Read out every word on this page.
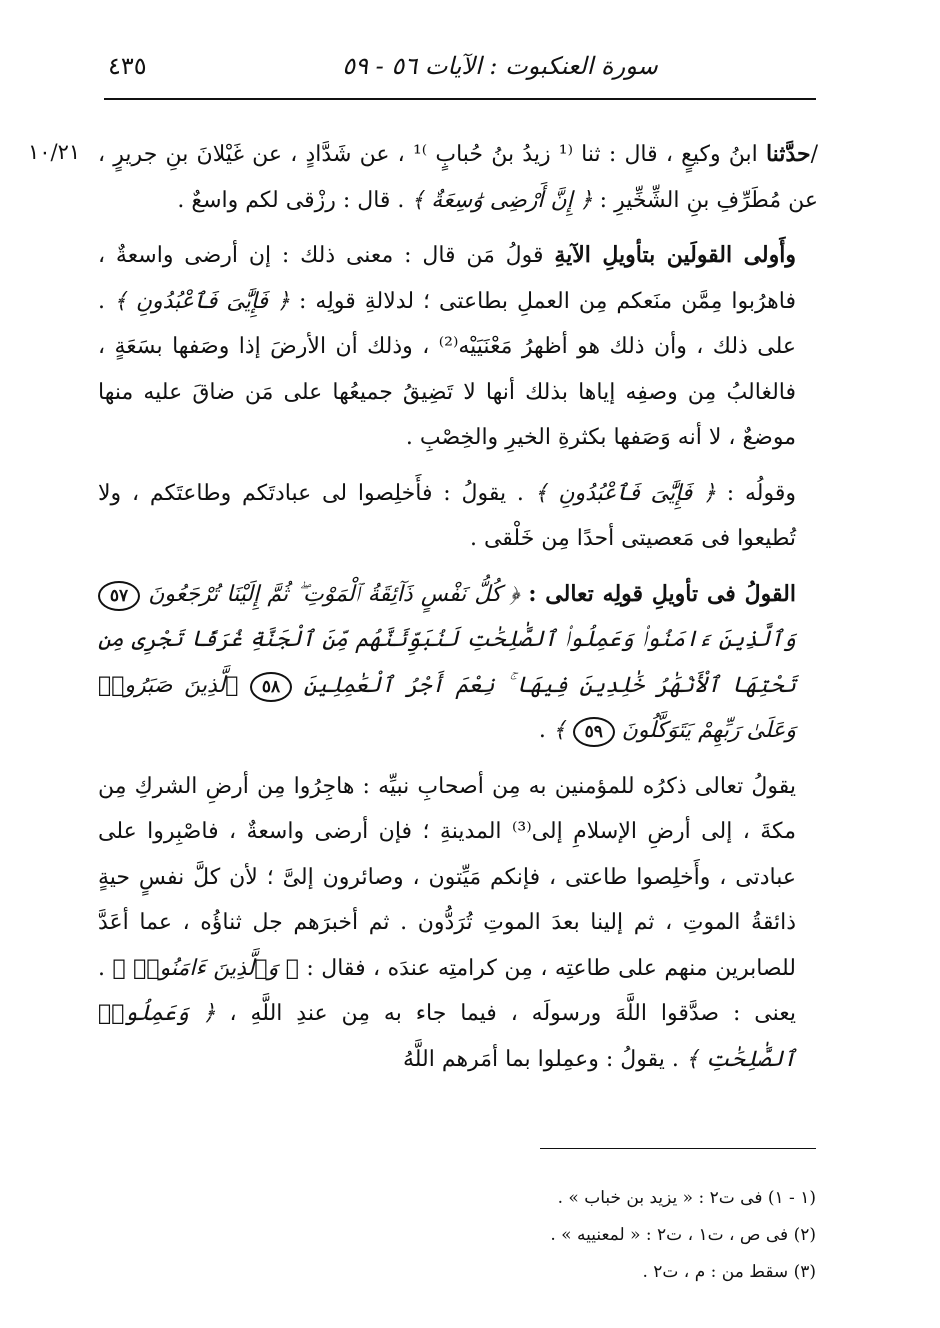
٤٣٥	سورة العنكبوت : الآيات ٥٦ - ٥٩
١٠/٢١	/حدَّثنا ابنُ وكيعٍ ، قال : ثنا ⁽¹ زيدُ بنُ حُبابٍ ⁾¹ ، عن شَدَّادٍ ، عن غَيْلانَ بنِ جريرٍ ، عن مُطَرِّفِ بنِ الشِّخِّيرِ : ﴿ إِنَّ أَرْضِى وَٰسِعَةٌ ﴾ . قال : رزْقى لكم واسعٌ .

وأَولى القولَين بتأويلِ الآيةِ قولُ مَن قال : معنى ذلك : إن أرضى واسعةٌ ، فاهرُبوا مِمَّن منَعكم مِن العملِ بطاعتى ؛ لدلالةِ قولِه : ﴿ فَإِيَّٰىَ فَٱعْبُدُونِ ﴾ . على ذلك ، وأن ذلك هو أظهرُ مَعْنَيَيْه⁽²⁾ ، وذلك أن الأرضَ إذا وصَفها بسَعَةٍ ، فالغالبُ مِن وصفِه إياها بذلك أنها لا تَضِيقُ جميعُها على مَن ضاقَ عليه منها موضعٌ ، لا أنه وَصَفها بكثرةِ الخيرِ والخِصْبِ .

وقولُه : ﴿ فَإِيَّٰىَ فَٱعْبُدُونِ ﴾ . يقولُ : فأَخلِصوا لى عبادتَكم وطاعتَكم ، ولا تُطيعوا فى مَعصيتى أحدًا مِن خَلْقى .

القولُ فى تأويلِ قولِه تعالى : ﴿ كُلُّ نَفْسٍ ذَآئِقَةُ ٱلْمَوْتِ ۖ ثُمَّ إِلَيْنَا تُرْجَعُونَ ٥٧ وَٱلَّذِينَ ءَامَنُوا۟ وَعَمِلُوا۟ ٱلصَّٰلِحَٰتِ لَنُبَوِّئَنَّهُم مِّنَ ٱلْجَنَّةِ غُرَفًا تَجْرِى مِن تَحْتِهَا ٱلْأَنْهَٰرُ خَٰلِدِينَ فِيهَا ۚ نِعْمَ أَجْرُ ٱلْعَٰمِلِينَ ٥٨ ٱلَّذِينَ صَبَرُوا۟ وَعَلَىٰ رَبِّهِمْ يَتَوَكَّلُونَ ٥٩ ﴾ .

يقولُ تعالى ذكرُه للمؤمنين به مِن أصحابِ نبيِّه : هاجِرُوا مِن أرضِ الشركِ مِن مكةَ ، إلى أرضِ الإسلامِ إلى⁽³⁾ المدينةِ ؛ فإن أرضى واسعةٌ ، فاصْبِروا على عبادتى ، وأَخلِصوا طاعتى ، فإنكم مَيِّتون ، وصائرون إلىَّ ؛ لأن كلَّ نفسٍ حيةٍ ذائقةُ الموتِ ، ثم إلينا بعدَ الموتِ تُرَدُّون . ثم أخبرَهم جل ثناؤُه ، عما أعَدَّ للصابرين منهم على طاعتِه ، مِن كرامتِه عندَه ، فقال : ﴿ وَٱلَّذِينَ ءَامَنُوا۟ ﴾ . يعنى : صدَّقوا اللَّهَ ورسولَه ، فيما جاء به مِن عندِ اللَّهِ ، ﴿ وَعَمِلُوا۟ ٱلصَّٰلِحَٰتِ ﴾ . يقولُ : وعمِلوا بما أمَرهم اللَّهُ

(١ - ١) فى ت٢ : « يزيد بن خباب » .
(٢) فى ص ، ت١ ، ت٢ : « لمعنييه » .
(٣) سقط من : م ، ت٢ .
